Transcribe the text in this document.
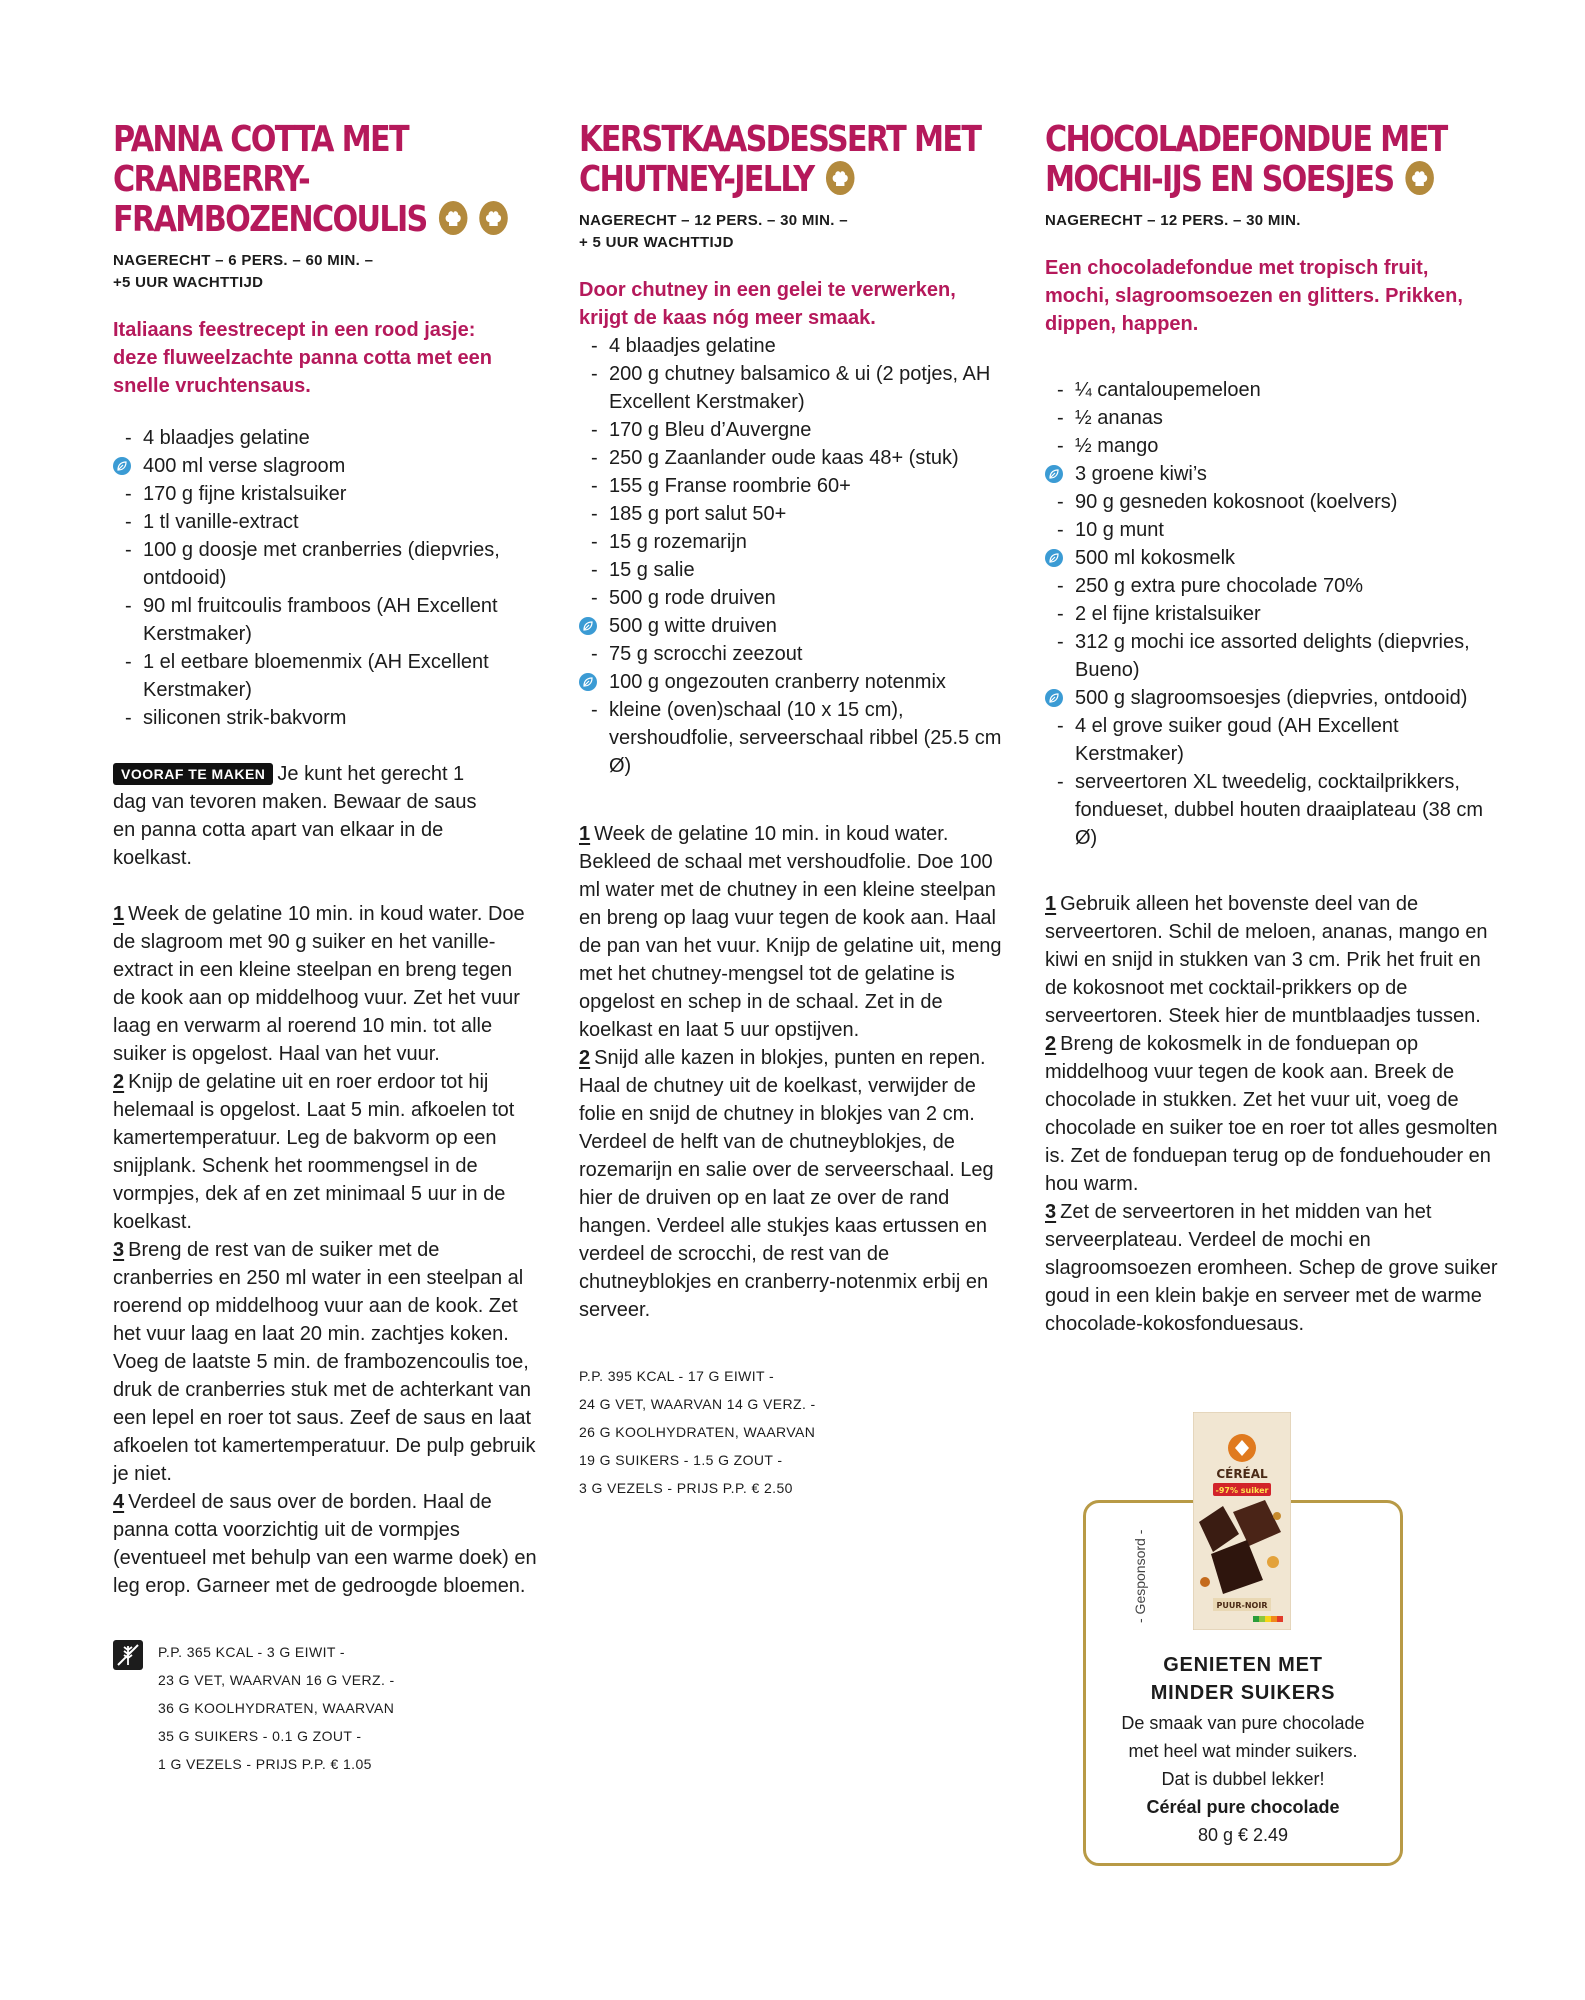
PANNA COTTA MET CRANBERRY-
FRAMBOZENCOULIS

NAGERECHT – 6 PERS. – 60 MIN. –
+5 UUR WACHTTIJD
Italiaans feestrecept in een rood jasje: deze fluweelzachte panna cotta met een snelle vruchtensaus.
- 4 blaadjes gelatine
400 ml verse slagroom
- 170 g fijne kristalsuiker
- 1 tl vanille-extract
- 100 g doosje met cranberries (diepvries, ontdooid)
- 90 ml fruitcoulis framboos (AH Excellent Kerstmaker)
- 1 el eetbare bloemenmix (AH Excellent Kerstmaker)
- siliconen strik-bakvorm
VOORAF TE MAKEN Je kunt het gerecht 1 dag van tevoren maken. Bewaar de saus en panna cotta apart van elkaar in de koelkast.

1 Week de gelatine 10 min. in koud water. Doe de slagroom met 90 g suiker en het vanille-extract in een kleine steelpan en breng tegen de kook aan op middelhoog vuur. Zet het vuur laag en verwarm al roerend 10 min. tot alle suiker is opgelost. Haal van het vuur.

2 Knijp de gelatine uit en roer erdoor tot hij helemaal is opgelost. Laat 5 min. afkoelen tot kamertemperatuur. Leg de bakvorm op een snijplank. Schenk het roommengsel in de vormpjes, dek af en zet minimaal 5 uur in de koelkast.

3 Breng de rest van de suiker met de cranberries en 250 ml water in een steelpan al roerend op middelhoog vuur aan de kook. Zet het vuur laag en laat 20 min. zachtjes koken. Voeg de laatste 5 min. de frambozencoulis toe, druk de cranberries stuk met de achterkant van een lepel en roer tot saus. Zeef de saus en laat afkoelen tot kamertemperatuur. De pulp gebruik je niet.

4 Verdeel de saus over de borden. Haal de panna cotta voorzichtig uit de vormpjes (eventueel met behulp van een warme doek) en leg erop. Garneer met de gedroogde bloemen.

P.P. 365 KCAL - 3 G EIWIT -
23 G VET, WAARVAN 16 G VERZ. -
36 G KOOLHYDRATEN, WAARVAN
35 G SUIKERS - 0.1 G ZOUT -
1 G VEZELS - PRIJS P.P. € 1.05
KERSTKAASDESSERT MET
CHUTNEY-JELLY
NAGERECHT – 12 PERS. – 30 MIN. –
+ 5 UUR WACHTTIJD
Door chutney in een gelei te verwerken, krijgt de kaas nóg meer smaak.
- 4 blaadjes gelatine
- 200 g chutney balsamico & ui (2 potjes, AH Excellent Kerstmaker)
- 170 g Bleu d’Auvergne
- 250 g Zaanlander oude kaas 48+ (stuk)
- 155 g Franse roombrie 60+
- 185 g port salut 50+
- 15 g rozemarijn
- 15 g salie
- 500 g rode druiven
500 g witte druiven
- 75 g scrocchi zeezout
100 g ongezouten cranberry notenmix
- kleine (oven)schaal (10 x 15 cm), vershoudfolie, serveerschaal ribbel (25.5 cm Ø)

1 Week de gelatine 10 min. in koud water. Bekleed de schaal met vershoudfolie. Doe 100 ml water met de chutney in een kleine steelpan en breng op laag vuur tegen de kook aan. Haal de pan van het vuur. Knijp de gelatine uit, meng met het chutney-mengsel tot de gelatine is opgelost en schep in de schaal. Zet in de koelkast en laat 5 uur opstijven.

2 Snijd alle kazen in blokjes, punten en repen. Haal de chutney uit de koelkast, verwijder de folie en snijd de chutney in blokjes van 2 cm. Verdeel de helft van de chutneyblokjes, de rozemarijn en salie over de serveerschaal. Leg hier de druiven op en laat ze over de rand hangen. Verdeel alle stukjes kaas ertussen en verdeel de scrocchi, de rest van de chutneyblokjes en cranberry-notenmix erbij en serveer.

P.P. 395 KCAL - 17 G EIWIT -
24 G VET, WAARVAN 14 G VERZ. -
26 G KOOLHYDRATEN, WAARVAN
19 G SUIKERS - 1.5 G ZOUT -
3 G VEZELS - PRIJS P.P. € 2.50
CHOCOLADEFONDUE MET
MOCHI-IJS EN SOESJES
NAGERECHT – 12 PERS. – 30 MIN.
Een chocoladefondue met tropisch fruit, mochi, slagroomsoezen en glitters. Prikken, dippen, happen.
- ¼ cantaloupemeloen
- ½ ananas
- ½ mango
3 groene kiwi’s
- 90 g gesneden kokosnoot (koelvers)
- 10 g munt
500 ml kokosmelk
- 250 g extra pure chocolade 70%
- 2 el fijne kristalsuiker
- 312 g mochi ice assorted delights (diepvries, Bueno)
500 g slagroomsoesjes (diepvries, ontdooid)
- 4 el grove suiker goud (AH Excellent Kerstmaker)
- serveertoren XL tweedelig, cocktailprikkers, fondueset, dubbel houten draaiplateau (38 cm Ø)

1 Gebruik alleen het bovenste deel van de serveertoren. Schil de meloen, ananas, mango en kiwi en snijd in stukken van 3 cm. Prik het fruit en de kokosnoot met cocktail-prikkers op de serveertoren. Steek hier de muntblaadjes tussen.

2 Breng de kokosmelk in de fonduepan op middelhoog vuur tegen de kook aan. Breek de chocolade in stukken. Zet het vuur uit, voeg de chocolade en suiker toe en roer tot alles gesmolten is. Zet de fonduepan terug op de fonduehouder en hou warm.

3 Zet de serveertoren in het midden van het serveerplateau. Verdeel de mochi en slagroomsoezen eromheen. Schep de grove suiker goud in een klein bakje en serveer met de warme chocolade-kokosfonduesaus.

- Gesponsord -
GENIETEN MET
MINDER SUIKERS
De smaak van pure chocolade
met heel wat minder suikers.
Dat is dubbel lekker!
Céréal pure chocolade
80 g € 2.49
CÉRÉAL
-97% suiker
PUUR-NOIR
